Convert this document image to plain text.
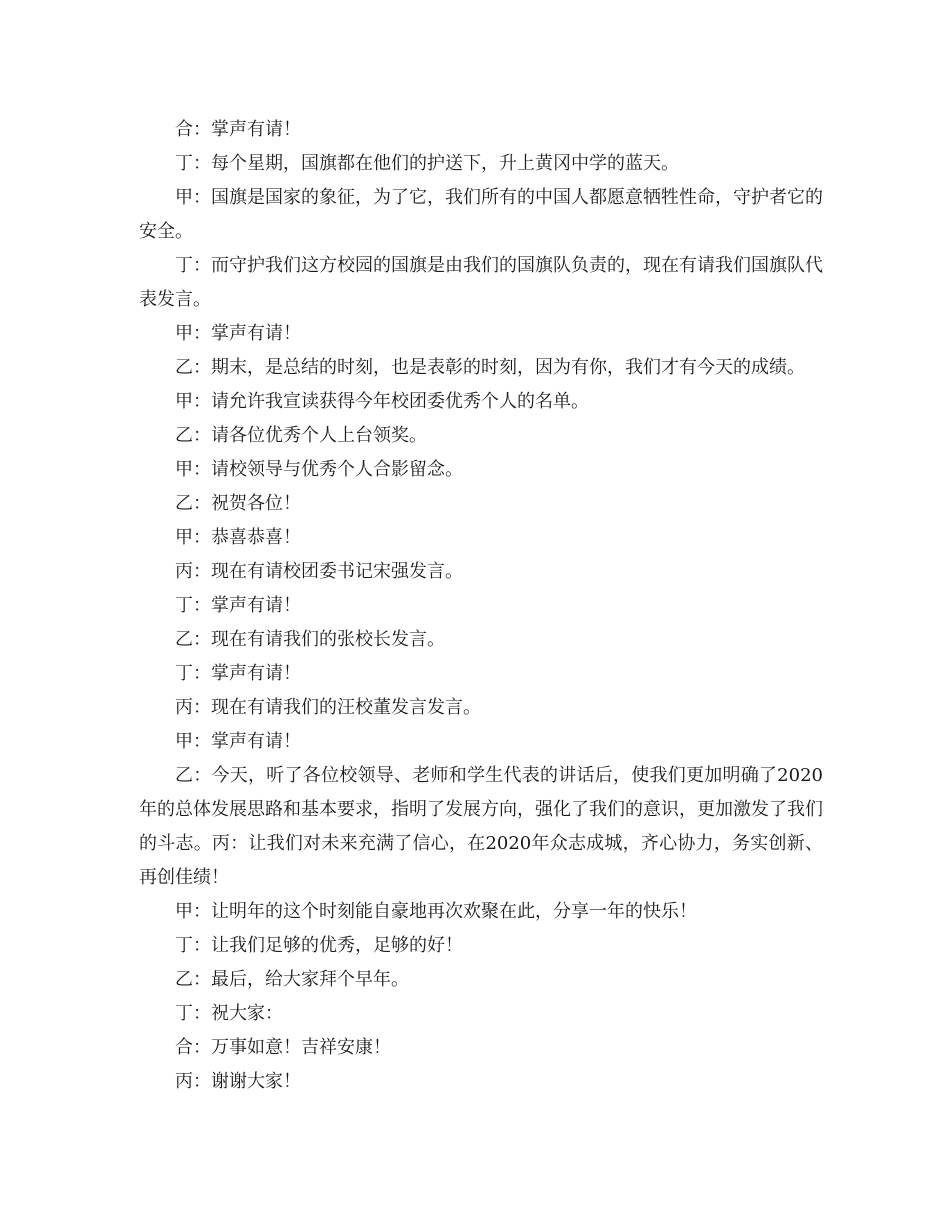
合：掌声有请！

丁：每个星期，国旗都在他们的护送下，升上黄冈中学的蓝天。

甲：国旗是国家的象征，为了它，我们所有的中国人都愿意牺牲性命，守护者它的安全。

丁：而守护我们这方校园的国旗是由我们的国旗队负责的，现在有请我们国旗队代表发言。

甲：掌声有请！

乙：期末，是总结的时刻，也是表彰的时刻，因为有你，我们才有今天的成绩。

甲：请允许我宣读获得今年校团委优秀个人的名单。

乙：请各位优秀个人上台领奖。

甲：请校领导与优秀个人合影留念。

乙：祝贺各位！

甲：恭喜恭喜！

丙：现在有请校团委书记宋强发言。

丁：掌声有请！

乙：现在有请我们的张校长发言。

丁：掌声有请！

丙：现在有请我们的汪校董发言发言。

甲：掌声有请！

乙：今天，听了各位校领导、老师和学生代表的讲话后，使我们更加明确了2020年的总体发展思路和基本要求，指明了发展方向，强化了我们的意识，更加激发了我们的斗志。丙：让我们对未来充满了信心，在2020年众志成城，齐心协力，务实创新、再创佳绩！

甲：让明年的这个时刻能自豪地再次欢聚在此，分享一年的快乐！

丁：让我们足够的优秀，足够的好！

乙：最后，给大家拜个早年。

丁：祝大家：

合：万事如意！吉祥安康！

丙：谢谢大家！
